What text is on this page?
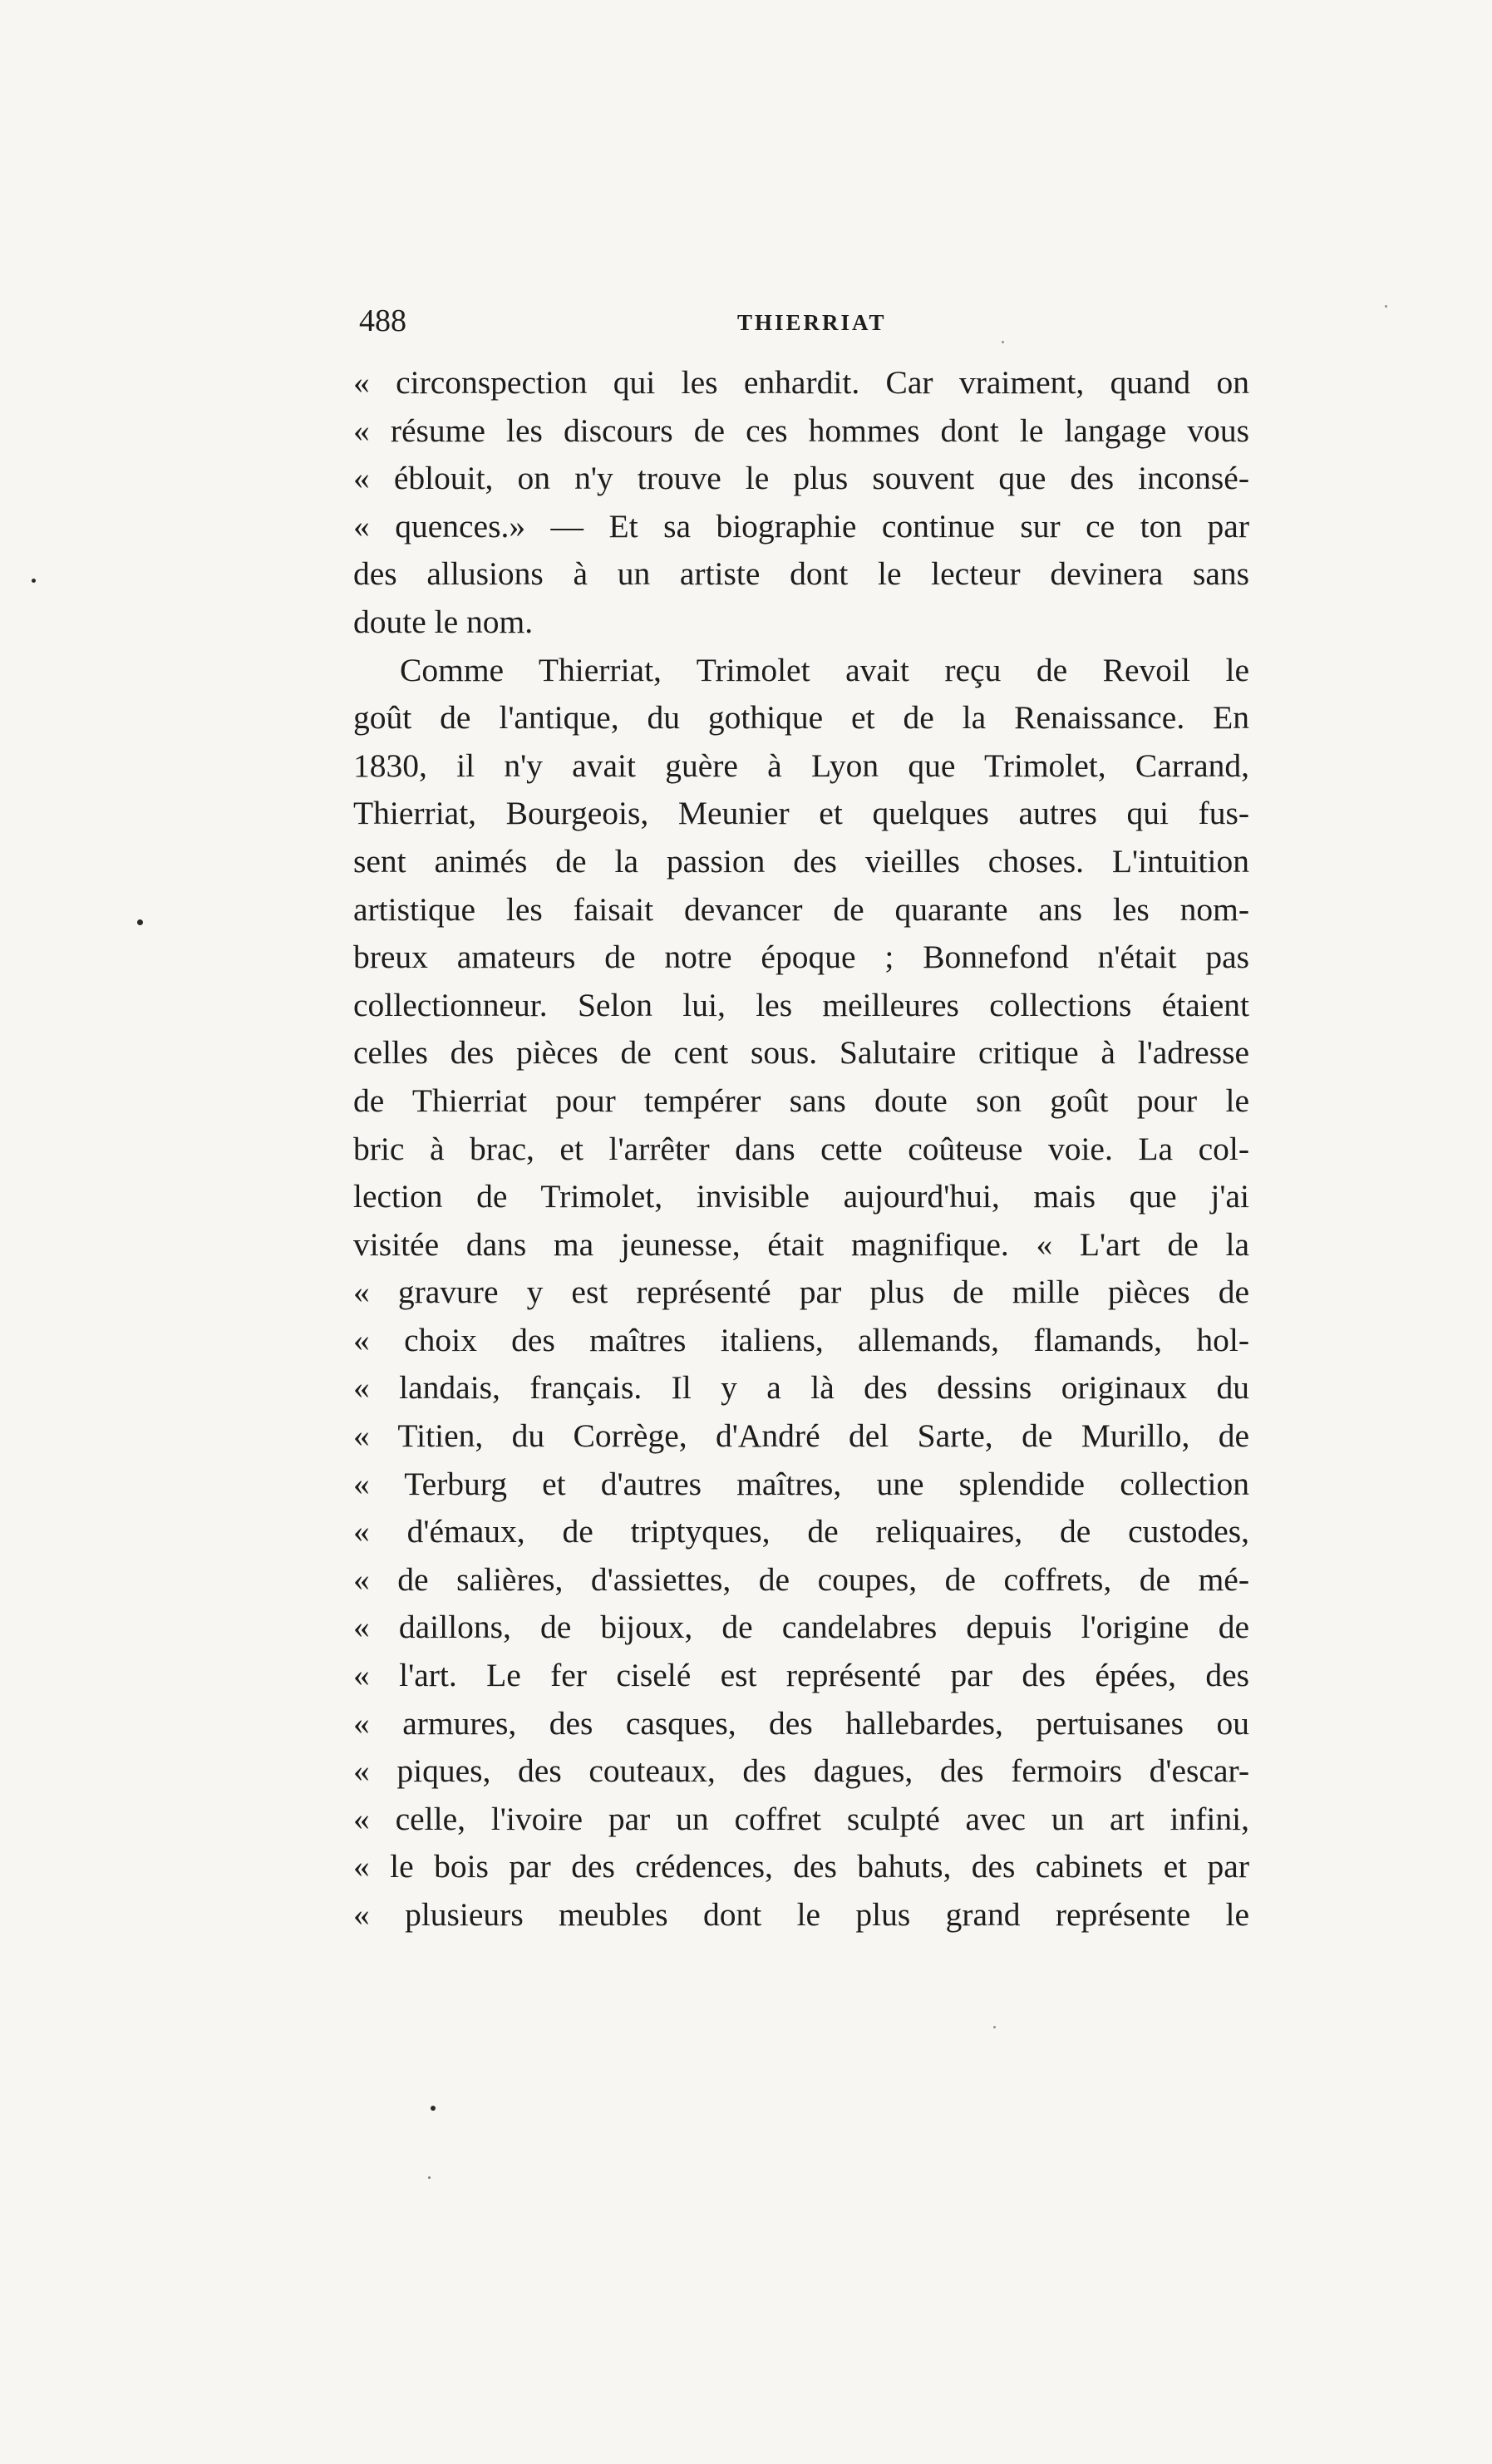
488	THIERRIAT
« circonspection qui les enhardit. Car vraiment, quand on
« résume les discours de ces hommes dont le langage vous
« éblouit, on n'y trouve le plus souvent que des inconsé-
« quences.» — Et sa biographie continue sur ce ton par
des allusions à un artiste dont le lecteur devinera sans
doute le nom.
Comme Thierriat, Trimolet avait reçu de Revoil le
goût de l'antique, du gothique et de la Renaissance. En
1830, il n'y avait guère à Lyon que Trimolet, Carrand,
Thierriat, Bourgeois, Meunier et quelques autres qui fus-
sent animés de la passion des vieilles choses. L'intuition
artistique les faisait devancer de quarante ans les nom-
breux amateurs de notre époque ; Bonnefond n'était pas
collectionneur. Selon lui, les meilleures collections étaient
celles des pièces de cent sous. Salutaire critique à l'adresse
de Thierriat pour tempérer sans doute son goût pour le
bric à brac, et l'arrêter dans cette coûteuse voie. La col-
lection de Trimolet, invisible aujourd'hui, mais que j'ai
visitée dans ma jeunesse, était magnifique. « L'art de la
« gravure y est représenté par plus de mille pièces de
« choix des maîtres italiens, allemands, flamands, hol-
« landais, français. Il y a là des dessins originaux du
« Titien, du Corrège, d'André del Sarte, de Murillo, de
« Terburg et d'autres maîtres, une splendide collection
« d'émaux, de triptyques, de reliquaires, de custodes,
« de salières, d'assiettes, de coupes, de coffrets, de mé-
« daillons, de bijoux, de candelabres depuis l'origine de
« l'art. Le fer ciselé est représenté par des épées, des
« armures, des casques, des hallebardes, pertuisanes ou
« piques, des couteaux, des dagues, des fermoirs d'escar-
« celle, l'ivoire par un coffret sculpté avec un art infini,
« le bois par des crédences, des bahuts, des cabinets et par
« plusieurs meubles dont le plus grand représente le
